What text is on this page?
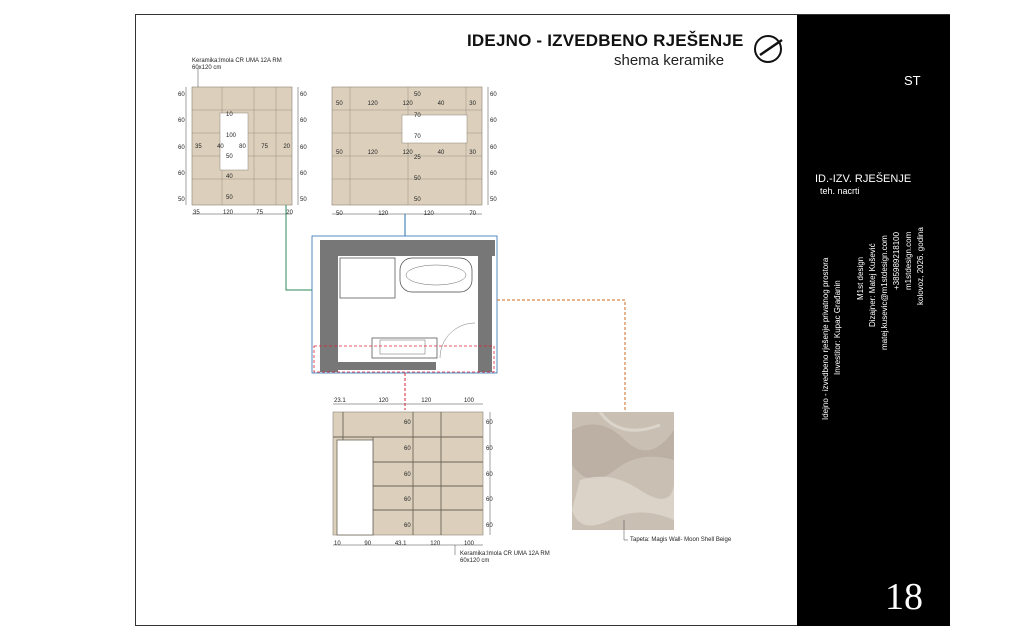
IDEJNO - IZVEDBENO RJEŠENJE
shema keramike
Keramika:Imola CR UMA 12A RM
60x120 cm
Keramika:Imola CR UMA 12A RM
60x120 cm
Tapeta: Magis Wall- Moon Shell Beige
35	120	75	20
35	40	80	75	20
50	120	120	40	30
50	120	120	40	30
50	120	120	70
23.1	120	120	100
10	90	43.1	120	100
60
60
60
60
50
10
100
50
40
50
60
60
60
60
50
50
70
70
25
50
50
60
60
60
60
50
60
60
60
60
60
60
60
60
60
60
ST
ID.-IZV. RJEŠENJE
teh. nacrti
Idejno - izvedbeno rješenje privatnog prostora Investitor: Kupac Građanin
M1st design Dizajner: Matej Kušević matej.kusevic@m1stdesign.com +385989218100 m1stdesign.com kolovoz, 2026. godina
18
